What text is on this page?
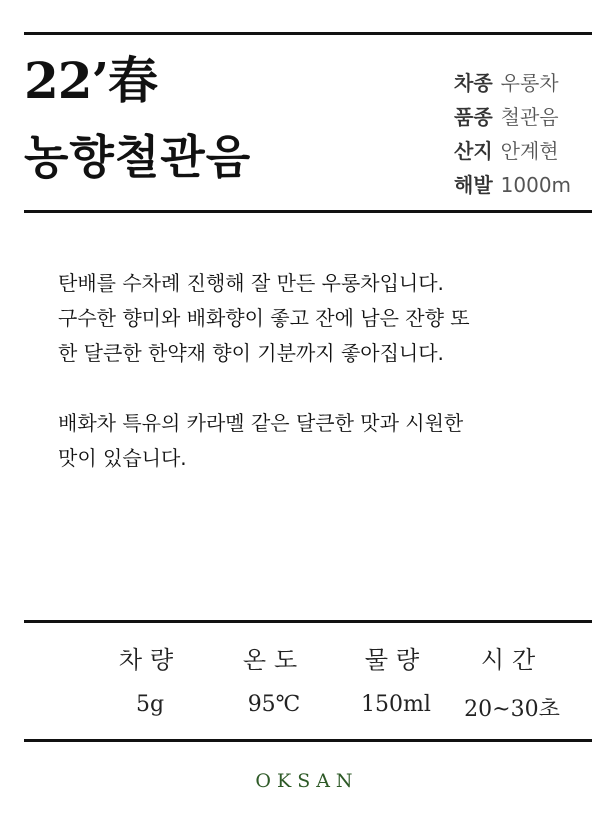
22’春
농향철관음
차종 우롱차
품종 철관음
산지 안계현
해발 1000m

탄배를 수차례 진행해 잘 만든 우롱차입니다.
구수한 향미와 배화향이 좋고 잔에 남은 잔향 또
한 달큰한 한약재 향이 기분까지 좋아집니다.

배화차 특유의 카라멜 같은 달큰한 맛과 시원한
맛이 있습니다.

차량
5g
온도
95℃
물량
150ml
시간
20~30초
OKSAN
